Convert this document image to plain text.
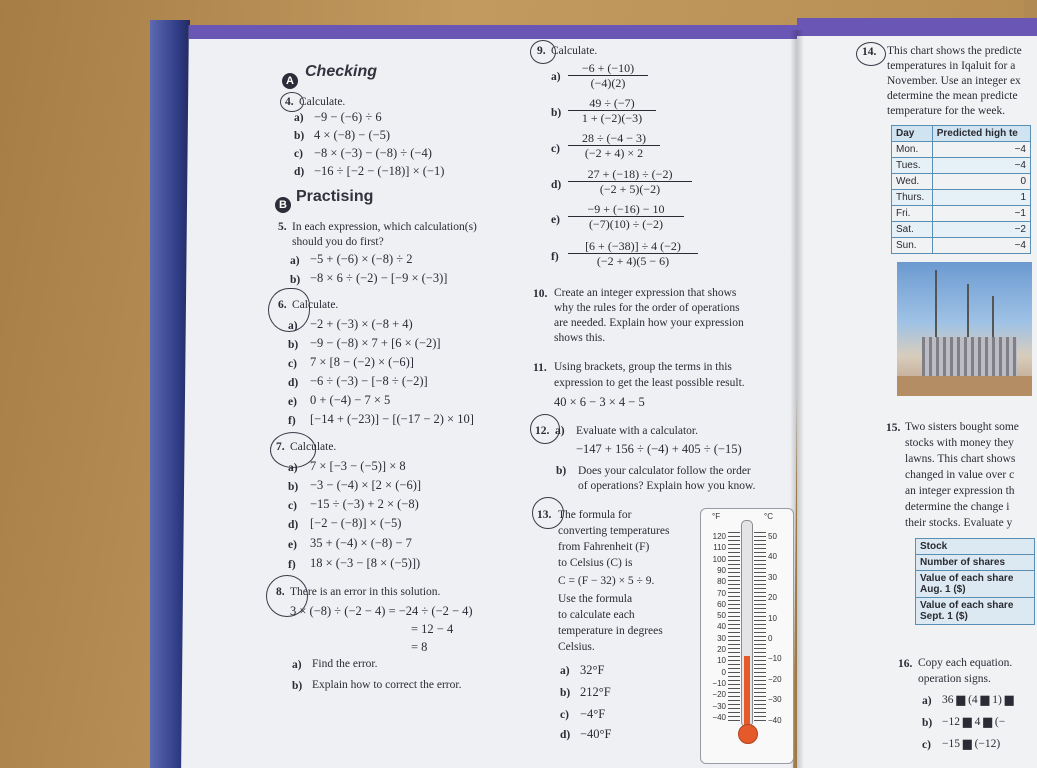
A
Checking
4. Calculate.
a) −9 − (−6) ÷ 6
b) 4 × (−8) − (−5)
c) −8 × (−3) − (−8) ÷ (−4)
d) −16 ÷ [−2 − (−18)] × (−1)
B Practising
5. In each expression, which calculation(s)
should you do first?
a) −5 + (−6) × (−8) ÷ 2
b) −8 × 6 ÷ (−2) − [−9 × (−3)]
6. Calculate.
a) −2 + (−3) × (−8 + 4)
b) −9 − (−8) × 7 + [6 × (−2)]
c) 7 × [8 − (−2) × (−6)]
d) −6 ÷ (−3) − [−8 ÷ (−2)]
e) 0 + (−4) − 7 × 5
f) [−14 + (−23)] − [(−17 − 2) × 10]
7. Calculate.
a) 7 × [−3 − (−5)] × 8
b) −3 − (−4) × [2 × (−6)]
c) −15 ÷ (−3) + 2 × (−8)
d) [−2 − (−8)] × (−5)
e) 35 + (−4) × (−8) − 7
f) 18 × (−3 − [8 × (−5)])
8. There is an error in this solution.
3 × (−8) ÷ (−2 − 4) = −24 ÷ (−2 − 4)
= 12 − 4
= 8
a) Find the error.
b) Explain how to correct the error.
9. Calculate.
$a) \frac{-6 + (-10)}{(-4)(2)}$
$b) \frac{49 \div (-7)}{1 + (-2)(-3)}$
$c) \frac{28 \div (-4 - 3)}{(-2 + 4) \times 2}$
$d) \frac{27 + (-18) \div (-2)}{(-2 + 5)(-2)}$
$e) \frac{-9 + (-16) - 10}{(-7)(10) \div (-2)}$
$f) \frac{[6 + (-38)] \div 4 (-2)}{(-2 + 4)(5 - 6)}$
10. Create an integer expression that shows
why the rules for the order of operations
are needed. Explain how your expression
shows this.
11. Using brackets, group the terms in this
expression to get the least possible result.
40 × 6 − 3 × 4 − 5
12. a) Evaluate with a calculator.
−147 + 156 ÷ (−4) + 405 ÷ (−15)
b) Does your calculator follow the order
of operations? Explain how you know.
13. The formula for
converting temperatures
from Fahrenheit (F)
to Celsius (C) is
C = (F − 32) × 5 ÷ 9.
Use the formula
to calculate each
temperature in degrees
Celsius.
a) 32°F
b) 212°F
c) −4°F
d) −40°F
°F	°C
120
110
100
90
80
70
60
50
40
30
20
10
0
−10
−20
−30
−40
50
40
30
20
10
0
−10
−20
−30
−40
14. This chart shows the predicte
temperatures in Iqaluit for a
November. Use an integer ex
determine the mean predicte
temperature for the week.
Day	Predicted high te
Mon.	−4
Tues.	−4
Wed.	0
Thurs.	1
Fri.	−1
Sat.	−2
Sun.	−4
15. Two sisters bought some
stocks with money they
lawns. This chart shows
changed in value over c
an integer expression th
determine the change i
their stocks. Evaluate y
Stock
Number of shares
Value of each share Aug. 1 ($)
Value of each share Sept. 1 ($)
16. Copy each equation.
operation signs.
a) 36 ▆ (4 ▆ 1) ▆
b) −12 ▆ 4 ▆ (−
c) −15 ▆ (−12)
